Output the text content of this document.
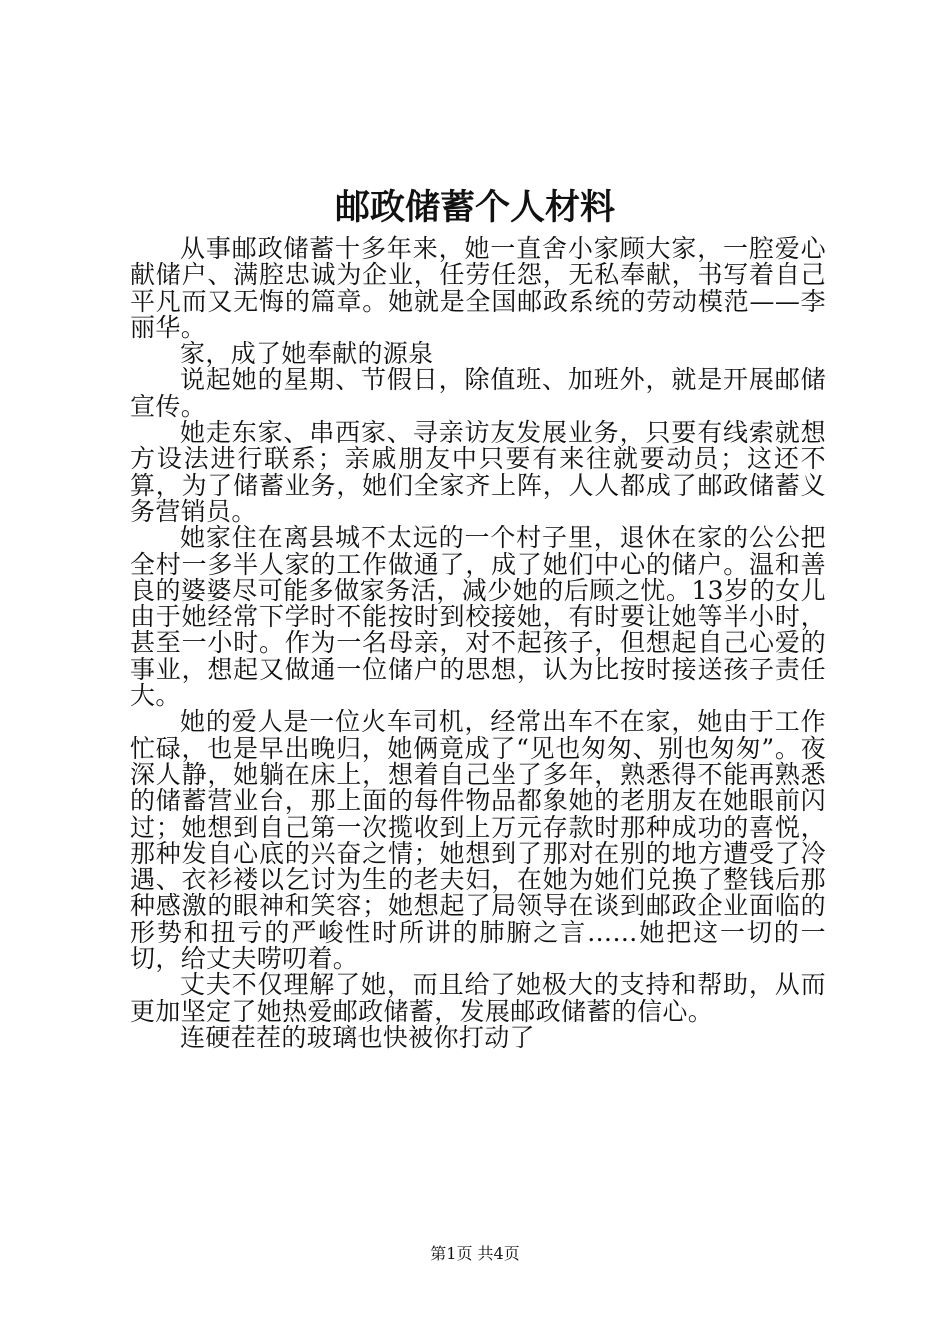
邮政储蓄个人材料

从事邮政储蓄十多年来，她一直舍小家顾大家，一腔爱心献储户、满腔忠诚为企业，任劳任怨，无私奉献，书写着自己平凡而又无悔的篇章。她就是全国邮政系统的劳动模范——李丽华。

家，成了她奉献的源泉

说起她的星期、节假日，除值班、加班外，就是开展邮储宣传。

她走东家、串西家、寻亲访友发展业务，只要有线索就想方设法进行联系；亲戚朋友中只要有来往就要动员；这还不算，为了储蓄业务，她们全家齐上阵，人人都成了邮政储蓄义务营销员。

她家住在离县城不太远的一个村子里，退休在家的公公把全村一多半人家的工作做通了，成了她们中心的储户。温和善良的婆婆尽可能多做家务活，减少她的后顾之忧。13岁的女儿由于她经常下学时不能按时到校接她，有时要让她等半小时，甚至一小时。作为一名母亲，对不起孩子，但想起自己心爱的事业，想起又做通一位储户的思想，认为比按时接送孩子责任大。

她的爱人是一位火车司机，经常出车不在家，她由于工作忙碌，也是早出晚归，她俩竟成了“见也匆匆、别也匆匆”。夜深人静，她躺在床上，想着自己坐了多年，熟悉得不能再熟悉的储蓄营业台，那上面的每件物品都象她的老朋友在她眼前闪过；她想到自己第一次揽收到上万元存款时那种成功的喜悦，那种发自心底的兴奋之情；她想到了那对在别的地方遭受了冷遇、衣衫褛以乞讨为生的老夫妇，在她为她们兑换了整钱后那种感激的眼神和笑容；她想起了局领导在谈到邮政企业面临的形势和扭亏的严峻性时所讲的肺腑之言……她把这一切的一切，给丈夫唠叨着。

丈夫不仅理解了她，而且给了她极大的支持和帮助，从而更加坚定了她热爱邮政储蓄，发展邮政储蓄的信心。

连硬茬茬的玻璃也快被你打动了

第1页 共4页
